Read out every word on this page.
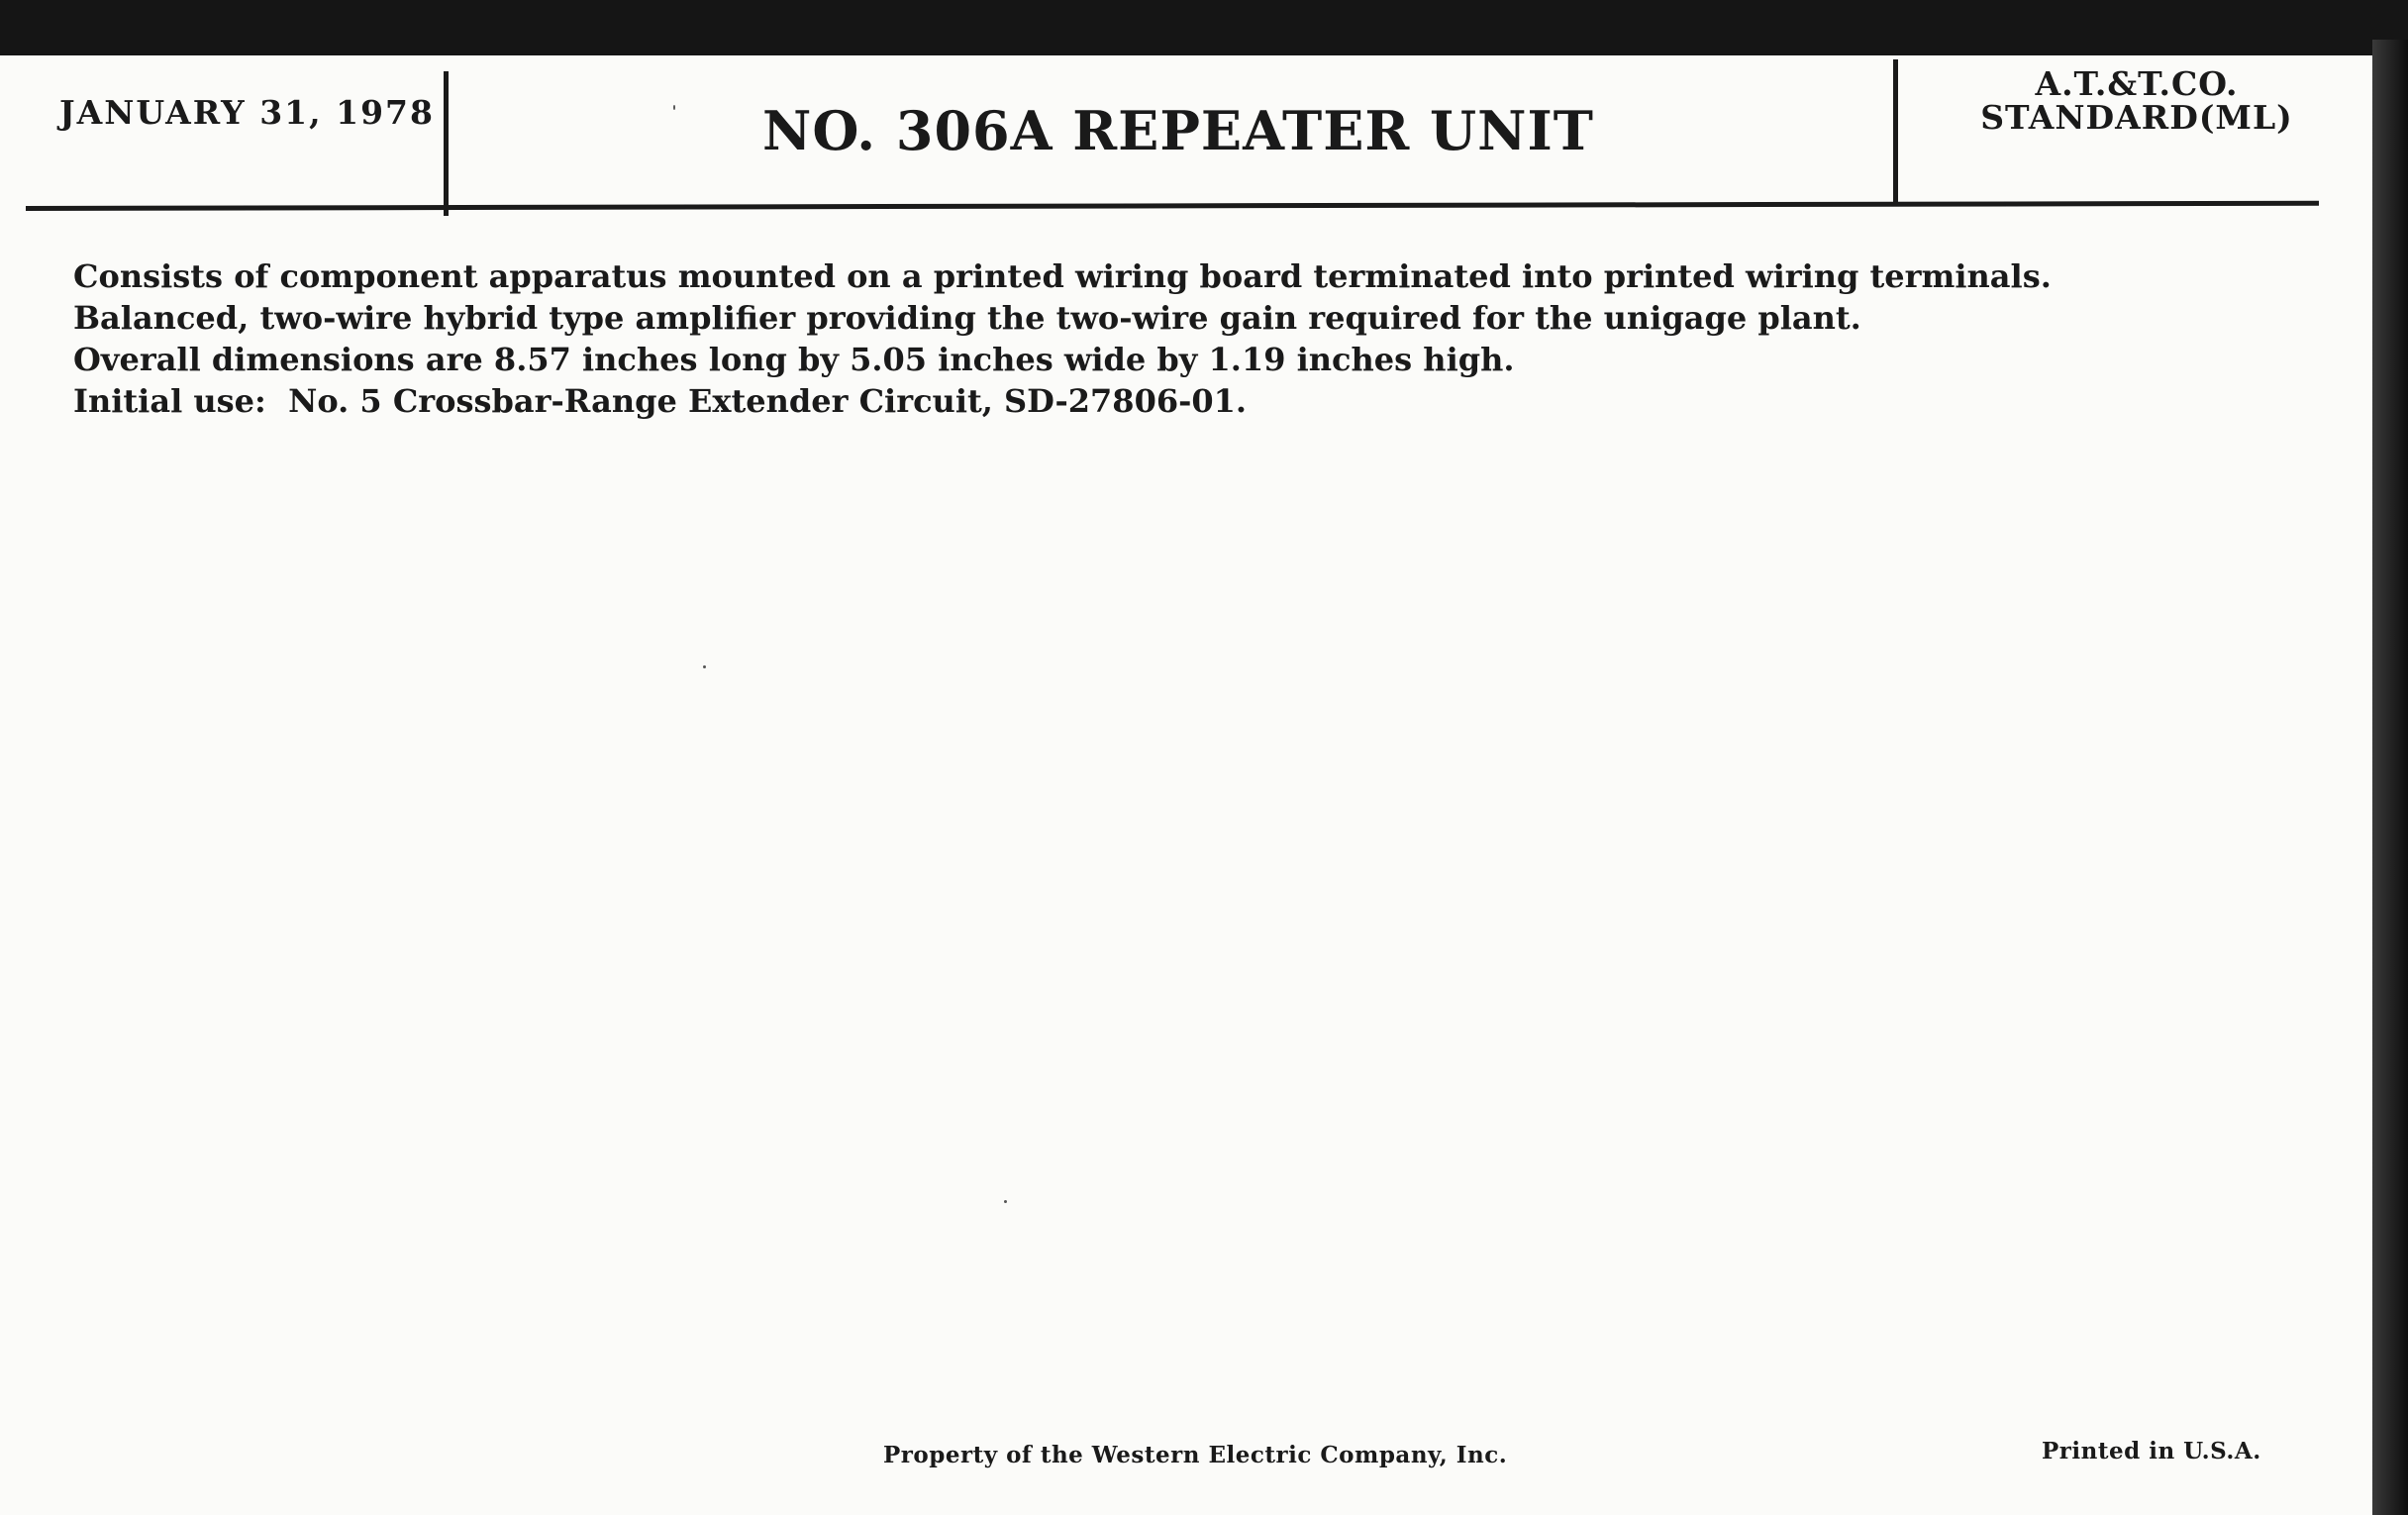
JANUARY 31, 1978	NO. 306A REPEATER UNIT
A.T.&T.CO.
STANDARD(ML)

Consists of component apparatus mounted on a printed wiring board terminated into printed wiring terminals.

Balanced, two-wire hybrid type amplifier providing the two-wire gain required for the unigage plant.

Overall dimensions are 8.57 inches long by 5.05 inches wide by 1.19 inches high.

Initial use:  No. 5 Crossbar-Range Extender Circuit, SD-27806-01.

Property of the Western Electric Company, Inc.	Printed in U.S.A.
